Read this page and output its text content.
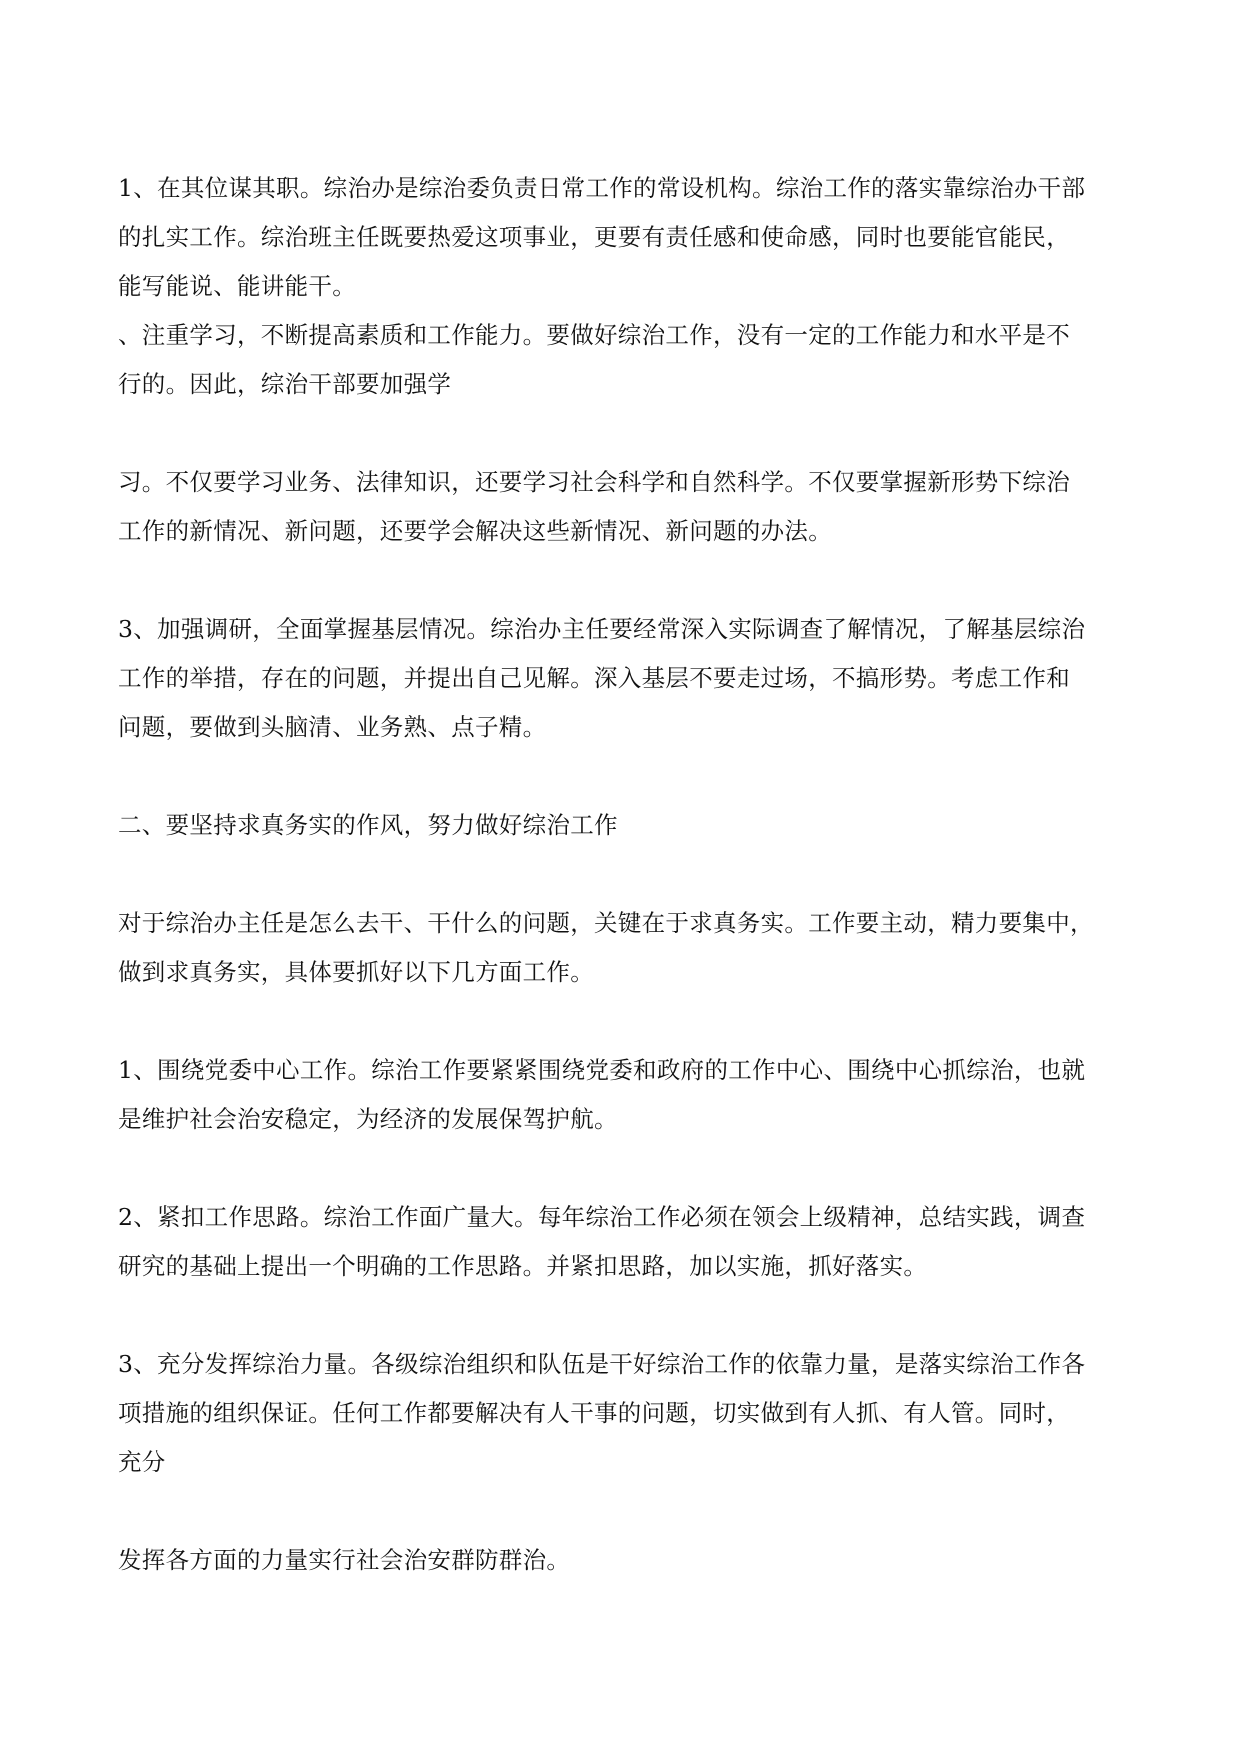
1、在其位谋其职。综治办是综治委负责日常工作的常设机构。综治工作的落实靠综治办干部
的扎实工作。综治班主任既要热爱这项事业，更要有责任感和使命感，同时也要能官能民，
能写能说、能讲能干。

、注重学习，不断提高素质和工作能力。要做好综治工作，没有一定的工作能力和水平是不
行的。因此，综治干部要加强学

习。不仅要学习业务、法律知识，还要学习社会科学和自然科学。不仅要掌握新形势下综治
工作的新情况、新问题，还要学会解决这些新情况、新问题的办法。

3、加强调研，全面掌握基层情况。综治办主任要经常深入实际调查了解情况，了解基层综治
工作的举措，存在的问题，并提出自己见解。深入基层不要走过场，不搞形势。考虑工作和
问题，要做到头脑清、业务熟、点子精。

二、要坚持求真务实的作风，努力做好综治工作

对于综治办主任是怎么去干、干什么的问题，关键在于求真务实。工作要主动，精力要集中，
做到求真务实，具体要抓好以下几方面工作。

1、围绕党委中心工作。综治工作要紧紧围绕党委和政府的工作中心、围绕中心抓综治，也就
是维护社会治安稳定，为经济的发展保驾护航。

2、紧扣工作思路。综治工作面广量大。每年综治工作必须在领会上级精神，总结实践，调查
研究的基础上提出一个明确的工作思路。并紧扣思路，加以实施，抓好落实。

3、充分发挥综治力量。各级综治组织和队伍是干好综治工作的依靠力量，是落实综治工作各
项措施的组织保证。任何工作都要解决有人干事的问题，切实做到有人抓、有人管。同时，
充分

发挥各方面的力量实行社会治安群防群治。
